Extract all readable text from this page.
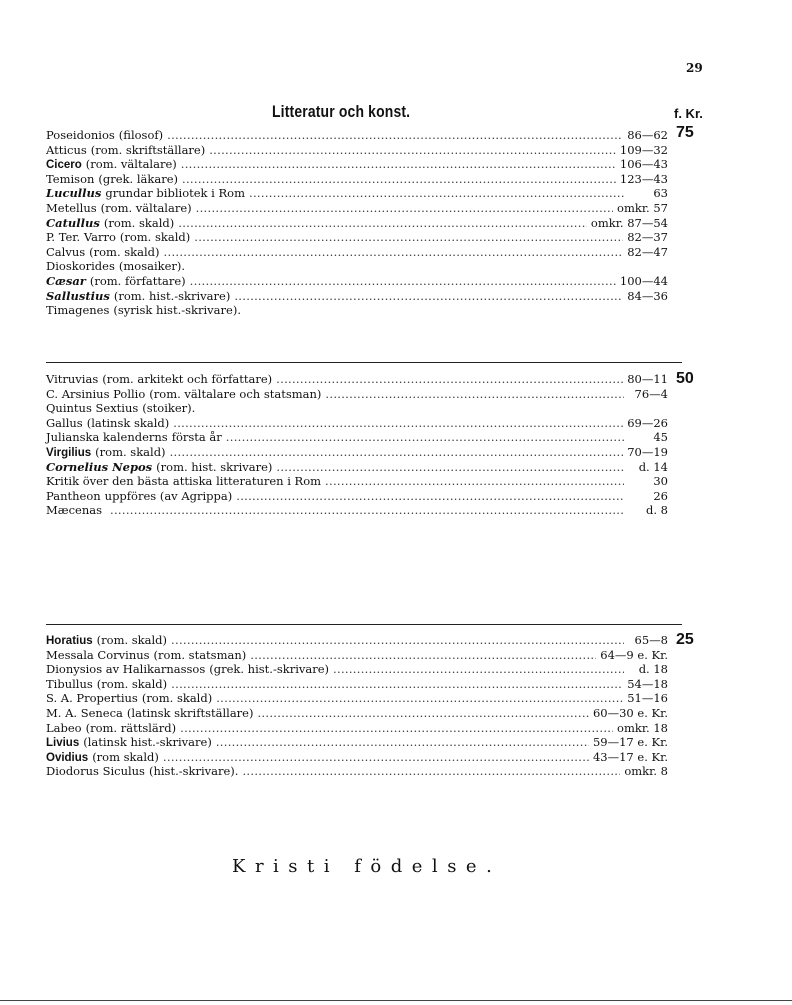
29
Litteratur och konst.	f. Kr.
Poseidonios (filosof) .....	86—62
Atticus (rom. skriftställare) .....	109—32
Cicero (rom. vältalare) .....	106—43
Temison (grek. läkare) .....	123—43
Lucullus grundar bibliotek i Rom .....	63
Metellus (rom. vältalare) .....	omkr. 57
Catullus (rom. skald) .....	omkr. 87—54
P. Ter. Varro (rom. skald) .....	82—37
Calvus (rom. skald) .....	82—47
Dioskorides (mosaiker).
Cæsar (rom. författare) .....	100—44
Sallustius (rom. hist.-skrivare) .....	84—36
Timagenes (syrisk hist.-skrivare).
75
Vitruvias (rom. arkitekt och författare) .....	80—11
C. Arsinius Pollio (rom. vältalare och statsman) .....	76—4
Quintus Sextius (stoiker).
Gallus (latinsk skald) .....	69—26
Julianska kalenderns första år .....	45
Virgilius (rom. skald) .....	70—19
Cornelius Nepos (rom. hist. skrivare) .....	d. 14
Kritik över den bästa attiska litteraturen i Rom .....	30
Pantheon uppföres (av Agrippa) .....	26
Mæcenas .....	d. 8
50
Horatius (rom. skald) .....	65—8
Messala Corvinus (rom. statsman) .....	64—9 e. Kr.
Dionysios av Halikarnassos (grek. hist.-skrivare) .....	d. 18
Tibullus (rom. skald) .....	54—18
S. A. Propertius (rom. skald) .....	51—16
M. A. Seneca (latinsk skriftställare) .....	60—30 e. Kr.
Labeo (rom. rättslärd) .....	omkr. 18
Livius (latinsk hist.-skrivare) .....	59—17 e. Kr.
Ovidius (rom skald) .....	43—17 e. Kr.
Diodorus Siculus (hist.-skrivare). .....	omkr. 8
25
Kristi födelse.
